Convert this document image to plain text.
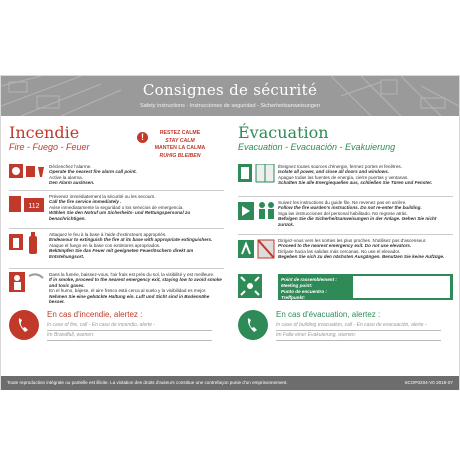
Consignes de sécurité
Safety instructions - Instrucciones de seguridad - Sicherheitsanweisungen
Incendie
Fire - Fuego - Feuer
!	RESTEZ CALME
STAY CALM
MANTEN LA CALMA
RUHIG BLEIBEN
Déclenchez l'alarme.
Operate the nearest fire alarm call point.
Active la alarma.
Den Alarm auslösen.
112
Prévenez immédiatement la sécurité ou les secours.
Call the fire service immediately .
Avise inmediatamente la seguridad o los servicios de emergencia.
Wählen Sie den Notruf um Sicherheits- und Rettungspersonal zu benachrichtigen.
Attaquez le feu à la base à l'aide d'extincteurs appropriés.
Endeavour to extinguish the fire at its base with appropriate extinguishers.
Ataque el fuego en la base con extintores apropriados.
Bekämpfen Sie das Feuer mit geeigneten Feuerlöschern direkt am Entstehungsort.
Dans la fumée, baissez-vous, l'air frais est près du sol, la visibilité y est meilleure.
If in smoke, proceed to the nearest emergency exit, staying low to avoid smoke and toxic gases.
En el humo, bájese, el aire fresco está cerca al suelo y la visibilidad es mejor.
Nehmen Sie eine gebückte Haltung ein. Luft und Sicht sind in Bodennähe besser.
En cas d'incendie, alertez :
In case of fire, call - En caso de incendio, alerte -
Im Brandfall, warnen:
Évacuation
Evacuation - Evacuación - Evakuierung
Éteignez toutes sources d'énergie, fermez portes et fenêtres.
Isolate all power, and close all doors and windows.
Apague todas las fuentes de energía, cierre puertas y ventanas.
Schalten Sie alle Energiequellen aus, schließen Sie Türen und Fenster.
Suivez les instructions du guide file. Ne revenez pas en arrière.
Follow the fire warden's instructions. Do not re-enter the building.
Siga las instrucciones del personal habilitado. No regrese atrás.
Befolgen Sie die Sicherheitsanweisungen in der Anlage. Gehen Sie nicht zurück.
Dirigez-vous vers les sorties les plus proches. N'utilisez pas d'ascenseur.
Proceed to the nearest emergency exit. Do not use elevators.
Diríjase hacia las salidas más cercanas. No use el elevador.
Begeben Sie sich zu den nächsten Ausgängen. Benutzen Sie keine Aufzüge.
Point de rassemblement :
Meeting point:
Punto de encuentro :
Treffpunkt:
En cas d'évacuation, alertez :
In case of building evacuation, call - En caso de evacuación, alerte -
Im Falle einer Evakuierung, warnen:
Toute reproduction intégrale ou partielle est illicite. La violation des droits d'auteurs constitue une contrefaçon punie d'un emprisonnement.	SCOP0204-V0 2018-07
